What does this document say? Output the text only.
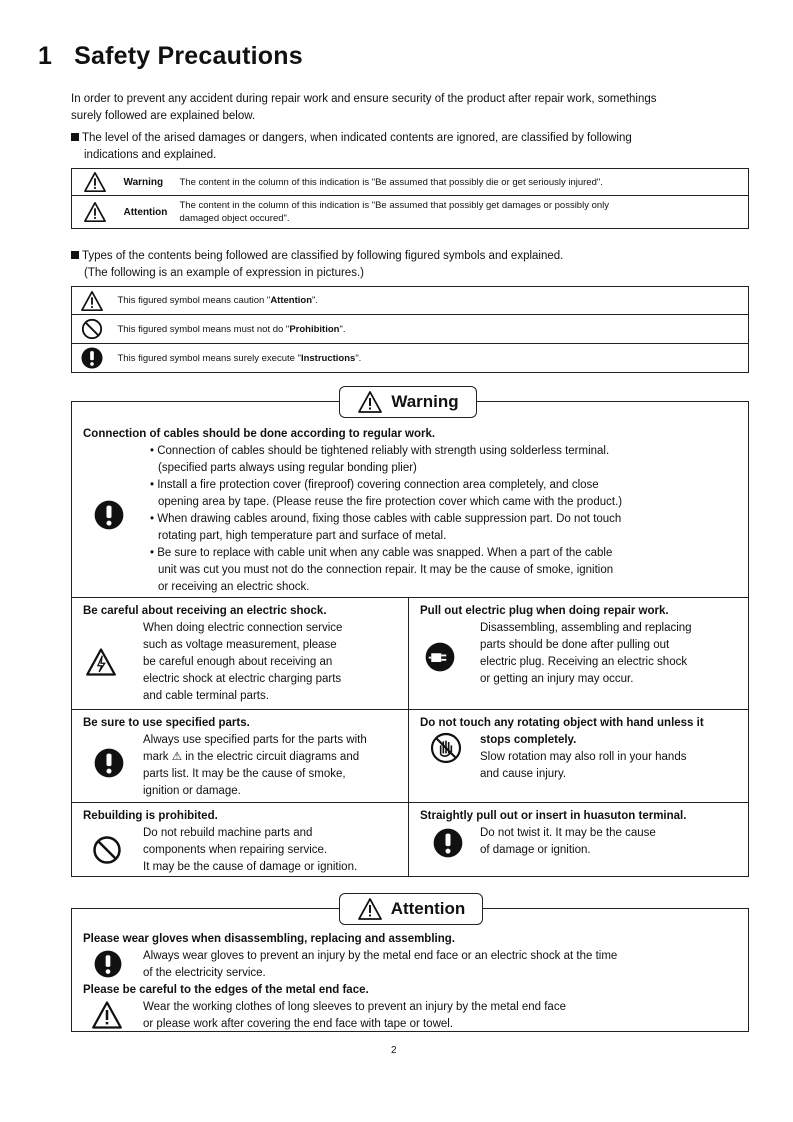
1 Safety Precautions
In order to prevent any accident during repair work and ensure security of the product after repair work, somethings
surely followed are explained below.
The level of the arised damages or dangers, when indicated contents are ignored, are classified by following
indications and explained.
	Warning	The content in the column of this indication is "Be assumed that possibly die or get seriously injured".
	Attention	The content in the column of this indication is "Be assumed that possibly get damages or possibly only
damaged object occured".
Types of the contents being followed are classified by following figured symbols and explained.
(The following is an example of expression in pictures.)
	This figured symbol means caution "Attention".
	This figured symbol means must not do "Prohibition".
	This figured symbol means surely execute "Instructions".
Warning
Connection of cables should be done according to regular work.
• Connection of cables should be tightened reliably with strength using solderless terminal.
(specified parts always using regular bonding plier)
• Install a fire protection cover (fireproof) covering connection area completely, and close
opening area by tape. (Please reuse the fire protection cover which came with the product.)
• When drawing cables around, fixing those cables with cable suppression part. Do not touch
rotating part, high temperature part and surface of metal.
• Be sure to replace with cable unit when any cable was snapped. When a part of the cable
unit was cut you must not do the connection repair. It may be the cause of smoke, ignition
or receiving an electric shock.
Be careful about receiving an electric shock.
When doing electric connection service
such as voltage measurement, please
be careful enough about receiving an
electric shock at electric charging parts
and cable terminal parts.
Pull out electric plug when doing repair work.
Disassembling, assembling and replacing
parts should be done after pulling out
electric plug. Receiving an electric shock
or getting an injury may occur.
Be sure to use specified parts.
Always use specified parts for the parts with
mark ⚠ in the electric circuit diagrams and
parts list. It may be the cause of smoke,
ignition or damage.
Do not touch any rotating object with hand unless it
stops completely.
Slow rotation may also roll in your hands
and cause injury.
Rebuilding is prohibited.
Do not rebuild machine parts and
components when repairing service.
It may be the cause of damage or ignition.
Straightly pull out or insert in huasuton terminal.
Do not twist it. It may be the cause
of damage or ignition.
Attention
Please wear gloves when disassembling, replacing and assembling.
Always wear gloves to prevent an injury by the metal end face or an electric shock at the time
of the electricity service.
Please be careful to the edges of the metal end face.
Wear the working clothes of long sleeves to prevent an injury by the metal end face
or please work after covering the end face with tape or towel.
2
